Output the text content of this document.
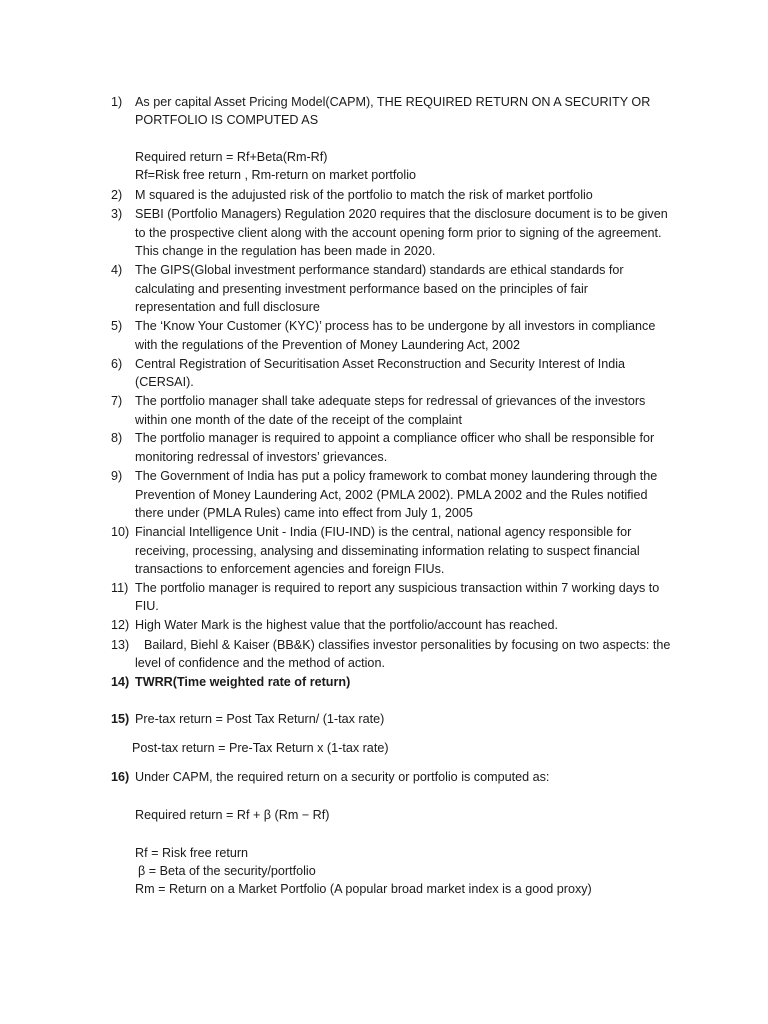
1) As per capital Asset Pricing Model(CAPM), THE REQUIRED RETURN ON A SECURITY OR
PORTFOLIO IS COMPUTED AS
Required return = Rf+Beta(Rm-Rf)
Rf=Risk free return , Rm-return on market portfolio
2) M squared is the adujusted risk of the portfolio to match the risk of market portfolio
3) SEBI (Portfolio Managers) Regulation 2020 requires that the disclosure document is to be given
to the prospective client along with the account opening form prior to signing of the agreement.
This change in the regulation has been made in 2020.
4) The GIPS(Global investment performance standard) standards are ethical standards for
calculating and presenting investment performance based on the principles of fair
representation and full disclosure
5) The ‘Know Your Customer (KYC)’ process has to be undergone by all investors in compliance
with the regulations of the Prevention of Money Laundering Act, 2002
6) Central Registration of Securitisation Asset Reconstruction and Security Interest of India
(CERSAI).
7) The portfolio manager shall take adequate steps for redressal of grievances of the investors
within one month of the date of the receipt of the complaint
8) The portfolio manager is required to appoint a compliance officer who shall be responsible for
monitoring redressal of investors’ grievances.
9) The Government of India has put a policy framework to combat money laundering through the
Prevention of Money Laundering Act, 2002 (PMLA 2002). PMLA 2002 and the Rules notified
there under (PMLA Rules) came into effect from July 1, 2005
10) Financial Intelligence Unit - India (FIU-IND) is the central, national agency responsible for
receiving, processing, analysing and disseminating information relating to suspect financial
transactions to enforcement agencies and foreign FIUs.
11) The portfolio manager is required to report any suspicious transaction within 7 working days to
FIU.
12) High Water Mark is the highest value that the portfolio/account has reached.
13) Bailard, Biehl & Kaiser (BB&K) classifies investor personalities by focusing on two aspects: the
level of confidence and the method of action.
14) TWRR(Time weighted rate of return)
15) Pre-tax return = Post Tax Return/ (1-tax rate)
Post-tax return = Pre-Tax Return x (1-tax rate)
16) Under CAPM, the required return on a security or portfolio is computed as:
Required return = Rf + β (Rm − Rf)
Rf = Risk free return
β = Beta of the security/portfolio
Rm = Return on a Market Portfolio (A popular broad market index is a good proxy)
